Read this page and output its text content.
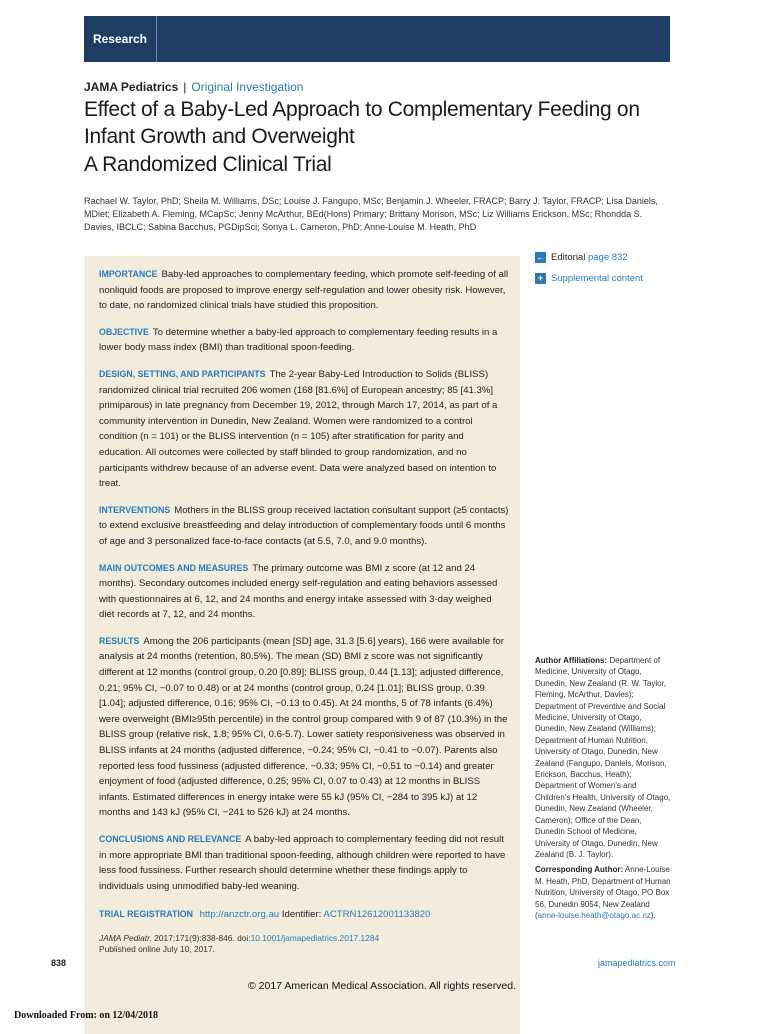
Research
JAMA Pediatrics | Original Investigation
Effect of a Baby-Led Approach to Complementary Feeding on Infant Growth and Overweight
A Randomized Clinical Trial
Rachael W. Taylor, PhD; Sheila M. Williams, DSc; Louise J. Fangupo, MSc; Benjamin J. Wheeler, FRACP; Barry J. Taylor, FRACP; Lisa Daniels, MDiet; Elizabeth A. Fleming, MCapSc; Jenny McArthur, BEd(Hons) Primary; Brittany Morison, MSc; Liz Williams Erickson, MSc; Rhondda S. Davies, IBCLC; Sabina Bacchus, PGDipSci; Sonya L. Cameron, PhD; Anne-Louise M. Heath, PhD

IMPORTANCE Baby-led approaches to complementary feeding, which promote self-feeding of all nonliquid foods are proposed to improve energy self-regulation and lower obesity risk. However, to date, no randomized clinical trials have studied this proposition.

OBJECTIVE To determine whether a baby-led approach to complementary feeding results in a lower body mass index (BMI) than traditional spoon-feeding.

DESIGN, SETTING, AND PARTICIPANTS The 2-year Baby-Led Introduction to Solids (BLISS) randomized clinical trial recruited 206 women (168 [81.6%] of European ancestry; 85 [41.3%] primiparous) in late pregnancy from December 19, 2012, through March 17, 2014, as part of a community intervention in Dunedin, New Zealand. Women were randomized to a control condition (n = 101) or the BLISS intervention (n = 105) after stratification for parity and education. All outcomes were collected by staff blinded to group randomization, and no participants withdrew because of an adverse event. Data were analyzed based on intention to treat.

INTERVENTIONS Mothers in the BLISS group received lactation consultant support (≥5 contacts) to extend exclusive breastfeeding and delay introduction of complementary foods until 6 months of age and 3 personalized face-to-face contacts (at 5.5, 7.0, and 9.0 months).

MAIN OUTCOMES AND MEASURES The primary outcome was BMI z score (at 12 and 24 months). Secondary outcomes included energy self-regulation and eating behaviors assessed with questionnaires at 6, 12, and 24 months and energy intake assessed with 3-day weighed diet records at 7, 12, and 24 months.

RESULTS Among the 206 participants (mean [SD] age, 31.3 [5.6] years), 166 were available for analysis at 24 months (retention, 80.5%). The mean (SD) BMI z score was not significantly different at 12 months (control group, 0.20 [0.89]; BLISS group, 0.44 [1.13]; adjusted difference, 0.21; 95% CI, −0.07 to 0.48) or at 24 months (control group, 0.24 [1.01]; BLISS group, 0.39 [1.04]; adjusted difference, 0.16; 95% CI, −0.13 to 0.45). At 24 months, 5 of 78 infants (6.4%) were overweight (BMI≥95th percentile) in the control group compared with 9 of 87 (10.3%) in the BLISS group (relative risk, 1.8; 95% CI, 0.6-5.7). Lower satiety responsiveness was observed in BLISS infants at 24 months (adjusted difference, −0.24; 95% CI, −0.41 to −0.07). Parents also reported less food fussiness (adjusted difference, −0.33; 95% CI, −0.51 to −0.14) and greater enjoyment of food (adjusted difference, 0.25; 95% CI, 0.07 to 0.43) at 12 months in BLISS infants. Estimated differences in energy intake were 55 kJ (95% CI, −284 to 395 kJ) at 12 months and 143 kJ (95% CI, −241 to 526 kJ) at 24 months.

CONCLUSIONS AND RELEVANCE A baby-led approach to complementary feeding did not result in more appropriate BMI than traditional spoon-feeding, although children were reported to have less food fussiness. Further research should determine whether these findings apply to individuals using unmodified baby-led weaning.

TRIAL REGISTRATION http://anzctr.org.au Identifier: ACTRN12612001133820

JAMA Pediatr. 2017;171(9):838-846. doi:10.1001/jamapediatrics.2017.1284

Published online July 10, 2017.

← Editorial
page 832
+ Supplemental content

Author Affiliations: Department of Medicine, University of Otago, Dunedin, New Zealand (R. W. Taylor, Fleming, McArthur, Davies); Department of Preventive and Social Medicine, University of Otago, Dunedin, New Zealand (Williams); Department of Human Nutrition, University of Otago, Dunedin, New Zealand (Fangupo, Daniels, Morison, Erickson, Bacchus, Heath); Department of Women's and Children's Health, University of Otago, Dunedin, New Zealand (Wheeler, Cameron); Office of the Dean, Dunedin School of Medicine, University of Otago, Dunedin, New Zealand (B. J. Taylor).

Corresponding Author: Anne-Louise M. Heath, PhD, Department of Human Nutrition, University of Otago, PO Box 56, Dunedin 9054, New Zealand (anne-louise.heath@otago.ac.nz).

838	jamapediatrics.com
© 2017 American Medical Association. All rights reserved.
Downloaded From: on 12/04/2018
